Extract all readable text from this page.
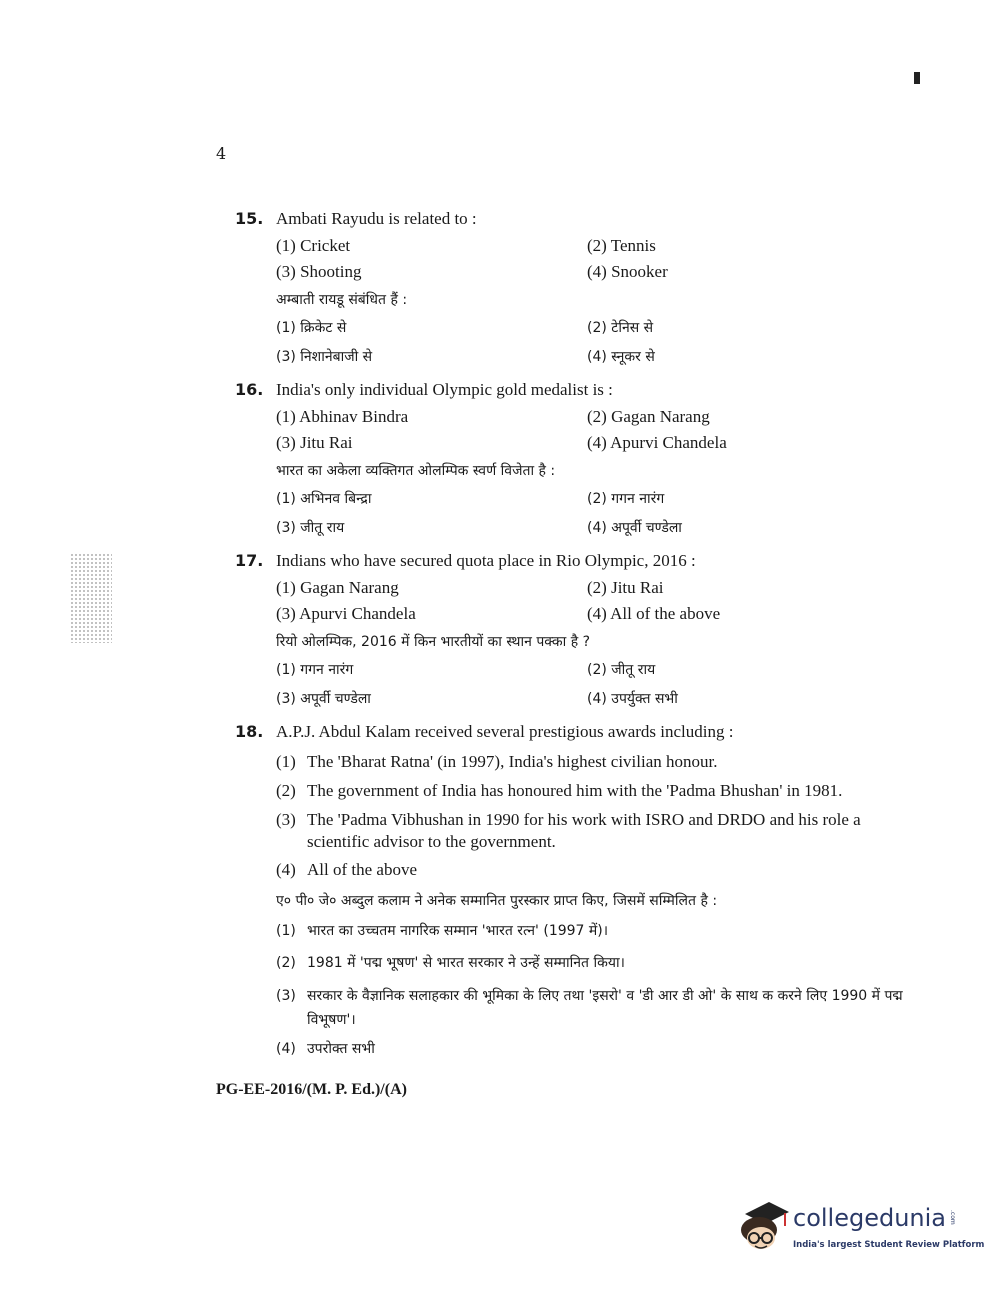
4
15. Ambati Rayudu is related to :
(1) Cricket	(2) Tennis
(3) Shooting	(4) Snooker
अम्बाती रायडू संबंधित हैं :
(1) क्रिकेट से	(2) टेनिस से
(3) निशानेबाजी से	(4) स्नूकर से
16. India's only individual Olympic gold medalist is :
(1) Abhinav Bindra	(2) Gagan Narang
(3) Jitu Rai	(4) Apurvi Chandela
भारत का अकेला व्यक्तिगत ओलम्पिक स्वर्ण विजेता है :
(1) अभिनव बिन्द्रा	(2) गगन नारंग
(3) जीतू राय	(4) अपूर्वी चण्डेला
17. Indians who have secured quota place in Rio Olympic, 2016 :
(1) Gagan Narang	(2) Jitu Rai
(3) Apurvi Chandela	(4) All of the above
रियो ओलम्पिक, 2016 में किन भारतीयों का स्थान पक्का है ?
(1) गगन नारंग	(2) जीतू राय
(3) अपूर्वी चण्डेला	(4) उपर्युक्त सभी
18. A.P.J. Abdul Kalam received several prestigious awards including :
(1) The 'Bharat Ratna' (in 1997), India's highest civilian honour.
(2) The government of India has honoured him with the 'Padma Bhushan' in 1981.
(3) The 'Padma Vibhushan in 1990 for his work with ISRO and DRDO and his role a scientific advisor to the government.
(4) All of the above
ए० पी० जे० अब्दुल कलाम ने अनेक सम्मानित पुरस्कार प्राप्त किए, जिसमें सम्मिलित है :
(1) भारत का उच्चतम नागरिक सम्मान 'भारत रत्न' (1997 में)।
(2) 1981 में 'पद्म भूषण' से भारत सरकार ने उन्हें सम्मानित किया।
(3) सरकार के वैज्ञानिक सलाहकार की भूमिका के लिए तथा 'इसरो' व 'डी आर डी ओ' के साथ क करने लिए 1990 में पद्म विभूषण'।
(4) उपरोक्त सभी
PG-EE-2016/(M. P. Ed.)/(A)
collegedunia .com
India's largest Student Review Platform
